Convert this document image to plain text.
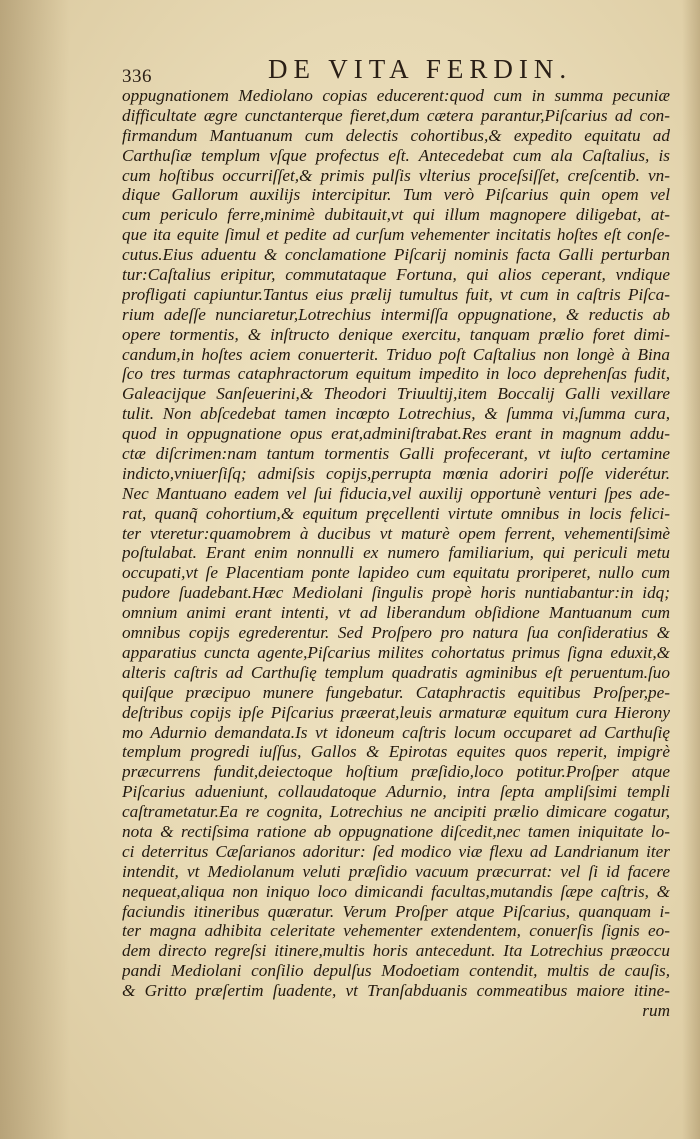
336	DE VITA FERDIN.
oppugnationem Mediolano copias educerent:quod cum in summa pecuniæ
difficultate ægre cunctanterque fieret,dum cætera parantur,Piſcarius ad con-
firmandum Mantuanum cum delectis cohortibus,& expedito equitatu ad
Carthuſiæ templum vſque profectus eſt. Antecedebat cum ala Caſtalius, is
cum hoſtibus occurriſſet,& primis pulſis vlterius proceſsiſſet, creſcentib. vn-
dique Gallorum auxilijs intercipitur. Tum verò Piſcarius quin opem vel
cum periculo ferre,minimè dubitauit,vt qui illum magnopere diligebat, at-
que ita equite ſimul et pedite ad curſum vehementer incitatis hoſtes eſt conſe-
cutus.Eius aduentu & conclamatione Piſcarij nominis facta Galli perturban
tur:Caſtalius eripitur, commutataque Fortuna, qui alios ceperant, vndique
profligati capiuntur.Tantus eius prælij tumultus fuit, vt cum in caſtris Piſca-
rium adeſſe nunciaretur,Lotrechius intermiſſa oppugnatione, & reductis ab
opere tormentis, & inſtructo denique exercitu, tanquam prælio foret dimi-
candum,in hoſtes aciem conuerterit. Triduo poſt Caſtalius non longè à Bina
ſco tres turmas cataphractorum equitum impedito in loco deprehenſas fudit,
Galeacijque Sanſeuerini,& Theodori Triuultij,item Boccalij Galli vexillare
tulit. Non abſcedebat tamen incœpto Lotrechius, & ſumma vi,ſumma cura,
quod in oppugnatione opus erat,adminiſtrabat.Res erant in magnum addu-
ctæ diſcrimen:nam tantum tormentis Galli profecerant, vt iuſto certamine
indicto,vniuerſiſq; admiſsis copijs,perrupta mœnia adoriri poſſe viderétur.
Nec Mantuano eadem vel ſui fiducia,vel auxilij opportunè venturi ſpes ade-
rat, quanq̃ cohortium,& equitum pręcellenti virtute omnibus in locis felici-
ter vteretur:quamobrem à ducibus vt maturè opem ferrent, vehementiſsimè
poſtulabat. Erant enim nonnulli ex numero familiarium, qui periculi metu
occupati,vt ſe Placentiam ponte lapideo cum equitatu proriperet, nullo cum
pudore ſuadebant.Hæc Mediolani ſingulis propè horis nuntiabantur:in idq;
omnium animi erant intenti, vt ad liberandum obſidione Mantuanum cum
omnibus copijs egrederentur. Sed Proſpero pro natura ſua conſideratius &
apparatius cuncta agente,Piſcarius milites cohortatus primus ſigna eduxit,&
alteris caſtris ad Carthuſię templum quadratis agminibus eſt peruentum.ſuo
quiſque præcipuo munere fungebatur. Cataphractis equitibus Proſper,pe-
deſtribus copijs ipſe Piſcarius præerat,leuis armaturæ equitum cura Hierony
mo Adurnio demandata.Is vt idoneum caſtris locum occuparet ad Carthuſię
templum progredi iuſſus, Gallos & Epirotas equites quos reperit, impigrè
præcurrens fundit,deiectoque hoſtium præſidio,loco potitur.Proſper atque
Piſcarius adueniunt, collaudatoque Adurnio, intra ſepta ampliſsimi templi
caſtrametatur.Ea re cognita, Lotrechius ne ancipiti prælio dimicare cogatur,
nota & rectiſsima ratione ab oppugnatione diſcedit,nec tamen iniquitate lo-
ci deterritus Cæſarianos adoritur: ſed modico viæ flexu ad Landrianum iter
intendit, vt Mediolanum veluti præſidio vacuum præcurrat: vel ſi id facere
nequeat,aliqua non iniquo loco dimicandi facultas,mutandis ſæpe caſtris, &
faciundis itineribus quæratur. Verum Proſper atque Piſcarius, quanquam i-
ter magna adhibita celeritate vehementer extendentem, conuerſis ſignis eo-
dem directo regreſsi itinere,multis horis antecedunt. Ita Lotrechius præoccu
pandi Mediolani conſilio depulſus Modoetiam contendit, multis de cauſis,
& Gritto præſertim ſuadente, vt Tranſabduanis commeatibus maiore itine-
rum
